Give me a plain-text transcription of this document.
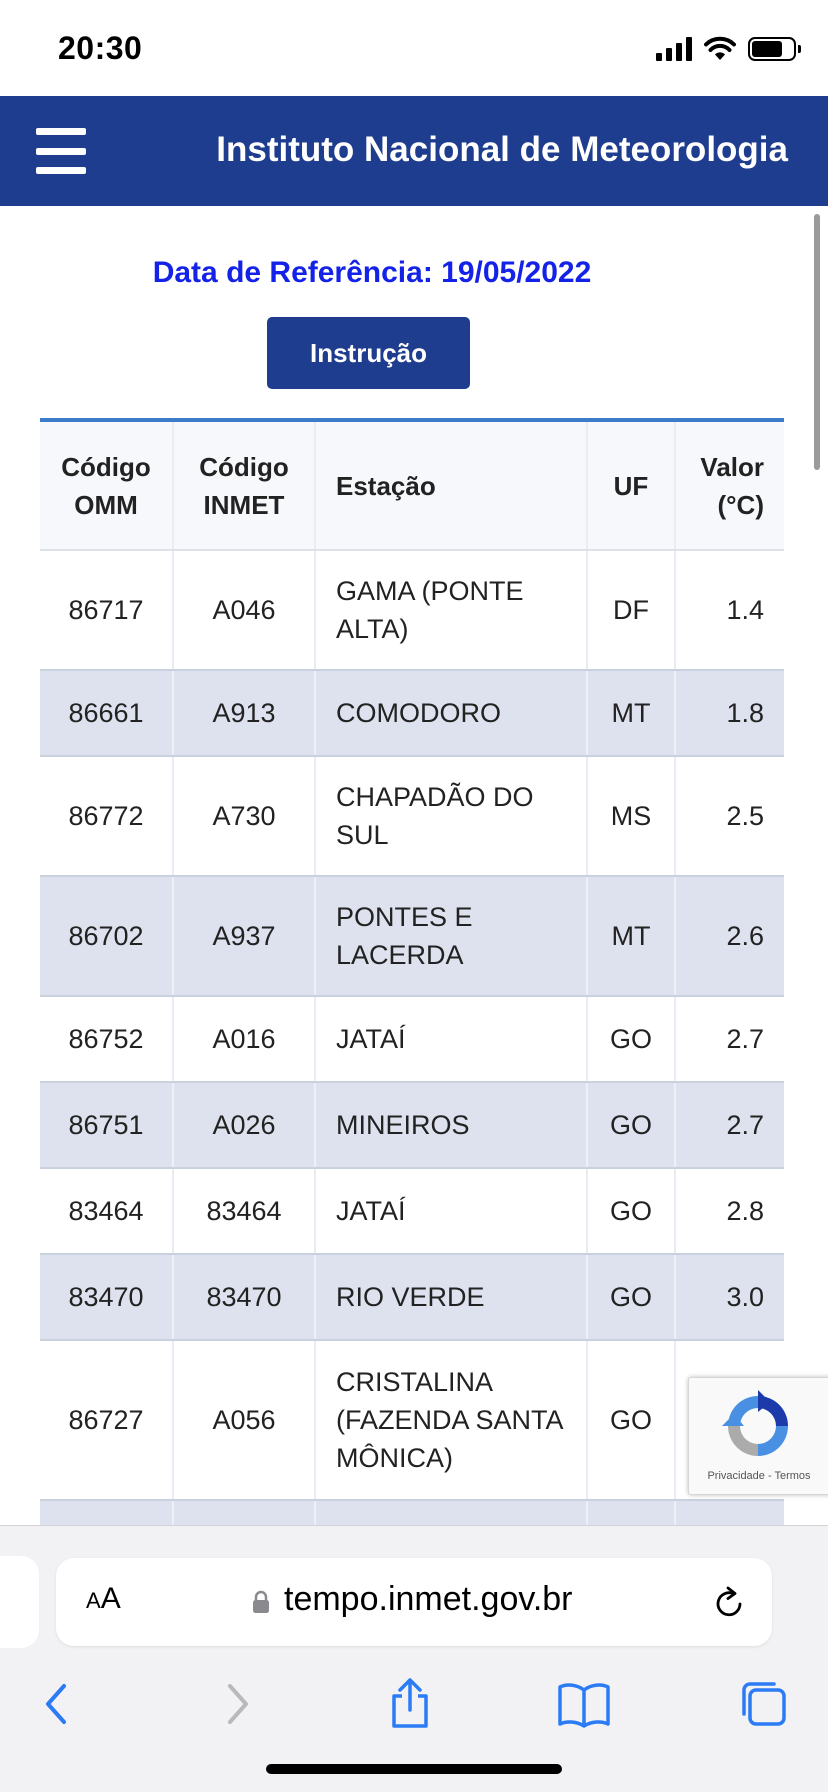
20:30
Instituto Nacional de Meteorologia
Data de Referência: 19/05/2022
Instrução
Código OMM	Código INMET	Estação	UF	Valor (°C)
86717	A046	GAMA (PONTE ALTA)	DF	1.4
86661	A913	COMODORO	MT	1.8
86772	A730	CHAPADÃO DO SUL	MS	2.5
86702	A937	PONTES E LACERDA	MT	2.6
86752	A016	JATAÍ	GO	2.7
86751	A026	MINEIROS	GO	2.7
83464	83464	JATAÍ	GO	2.8
83470	83470	RIO VERDE	GO	3.0
86727	A056	CRISTALINA (FAZENDA SANTA MÔNICA)	GO	

Privacidade - Termos
AA	tempo.inmet.gov.br
